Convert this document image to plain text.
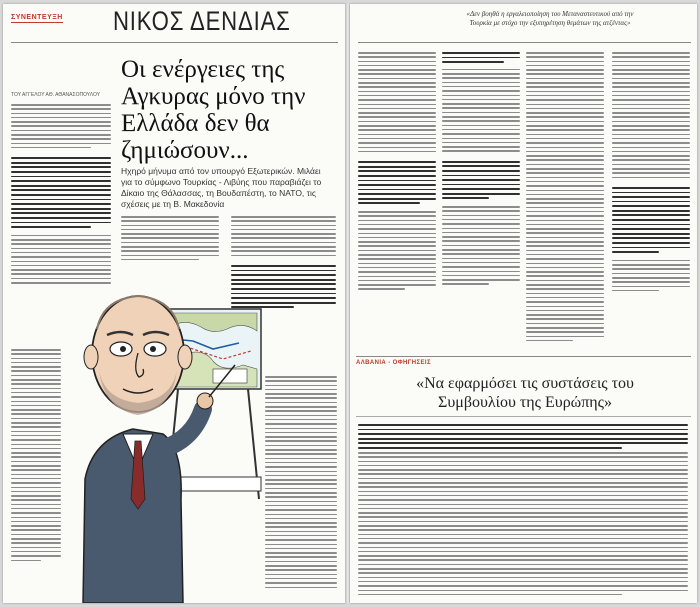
ΣΥΝΕΝΤΕΥΞΗ ΝΙΚΟΣ ΔΕΝΔΙΑΣ
Οι ενέργειες της Αγκυρας μόνο την Ελλάδα δεν θα ζημιώσουν...
ΤΟΥ ΑΓΓΕΛΟΥ ΑΘ. ΑΘΑΝΑΣΟΠΟΥΛΟΥ
Ηχηρό μήνυμα από τον υπουργό Εξωτερικών. Μιλάει για το σύμφωνο Τουρκίας - Λιβύης που παραβιάζει το Δίκαιο της Θάλασσας, τη Βουδαπέστη, το ΝΑΤΟ, τις σχέσεις με τη Β. Μακεδονία
«Δεν βοηθά η εργαλειοποίηση του Μεταναστευτικού από την Τουρκία με στόχο την εξυπηρέτηση θεμάτων της ατζέντας»
ΑΛΒΑΝΙΑ - ΟΦΗΓΗΣΕΙΣ
«Να εφαρμόσει τις συστάσεις του Συμβουλίου της Ευρώπης»
